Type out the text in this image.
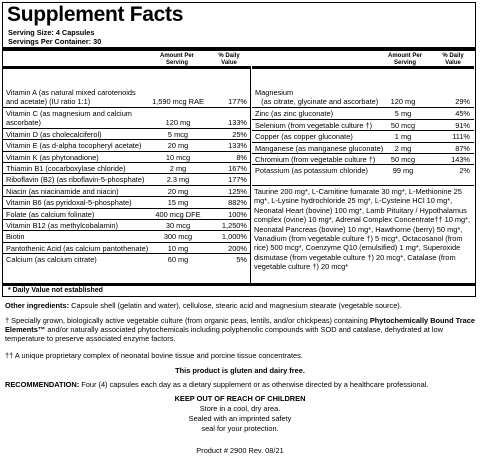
Supplement Facts
Serving Size: 4 Capsules
Servings Per Container: 30
Amount Per
Serving
% Daily
Value
Amount Per
Serving
% Daily
Value
Vitamin A (as natural mixed carotenoids
and acetate) (IU ratio 1:1)	1,590 mcg RAE	177%
Vitamin C (as magnesium and calcium
ascorbate)	120 mg	133%
Vitamin D (as cholecalciferol)	5 mcg	25%
Vitamin E (as d-alpha tocopheryl acetate)	20 mg	133%
Vitamin K (as phytonadione)	10 mcg	8%
Thiamin B1 (cocarboxylase chloride)	2 mg	167%
Riboflavin (B2) (as riboflavin-5-phosphate)	2.3 mg	177%
Niacin (as niacinamide and niacin)	20 mg	125%
Vitamin B6 (as pyridoxal-5-phosphate)	15 mg	882%
Folate (as calcium folinate)	400 mcg DFE	100%
Vitamin B12 (as methylcobalamin)	30 mcg	1,250%
Biotin	300 mcg	1,000%
Pantothenic Acid (as calcium pantothenate)	10 mg	200%
Calcium (as calcium citrate)	60 mg	5%
Magnesium
(as citrate, glycinate and ascorbate)	120 mg	29%
Zinc (as zinc gluconate)	5 mg	45%
Selenium (from vegetable culture †)	50 mcg	91%
Copper (as copper gluconate)	1 mg	111%
Manganese (as manganese gluconate)	2 mg	87%
Chromium (from vegetable culture †)	50 mcg	143%
Potassium (as potassium chloride)	99 mg	2%
Taurine 200 mg*, L-Carnitine fumarate 30 mg*, L-Methionine 25 mg*, L-Lysine hydrochloride 25 mg*, L-Cysteine HCl 10 mg*, Neonatal Heart (bovine) 100 mg*, Lamb Pituitary / Hypothalamus complex (ovine) 10 mg*, Adrenal Complex Concentrate†† 10 mg*, Neonatal Pancreas (bovine) 10 mg*, Hawthorne (berry) 50 mg*, Vanadium (from vegetable culture †) 5 mcg*, Octacosanol (from rice) 500 mcg*, Coenzyme Q10 (emulsified) 1 mg*, Superoxide dismutase (from vegetable culture †) 20 mcg*, Catalase (from vegetable culture †) 20 mcg*
* Daily Value not established
Other ingredients: Capsule shell (gelatin and water), cellulose, stearic acid and magnesium stearate (vegetable source).
† Specially grown, biologically active vegetable culture (from organic peas, lentils, and/or chickpeas) containing Phytochemically Bound Trace Elements™ and/or naturally associated phytochemicals including polyphenolic compounds with SOD and catalase, dehydrated at low temperature to preserve associated enzyme factors.
†† A unique proprietary complex of neonatal bovine tissue and porcine tissue concentrates.
This product is gluten and dairy free.
RECOMMENDATION: Four (4) capsules each day as a dietary supplement or as otherwise directed by a healthcare professional.
KEEP OUT OF REACH OF CHILDREN
Store in a cool, dry area.
Sealed with an imprinted safety
seal for your protection.
Product # 2900 Rev. 08/21
